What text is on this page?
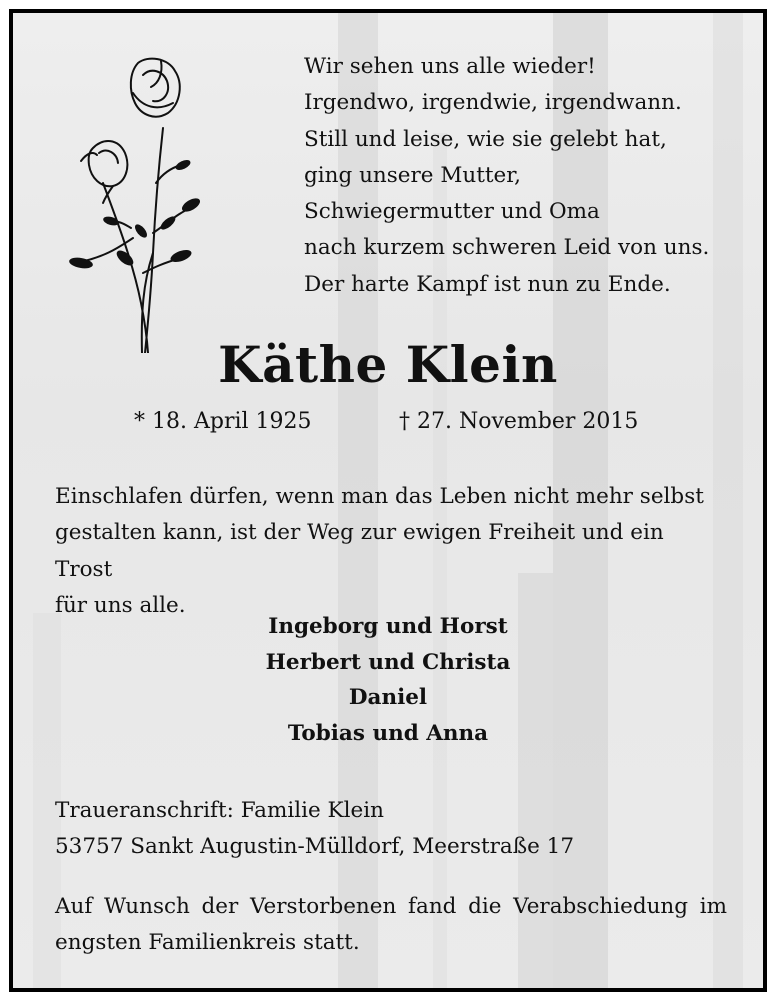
Wir sehen uns alle wieder!
Irgendwo, irgendwie, irgendwann.
Still und leise, wie sie gelebt hat,
ging unsere Mutter,
Schwiegermutter und Oma
nach kurzem schweren Leid von uns.
Der harte Kampf ist nun zu Ende.
Käthe Klein
* 18. April 1925	† 27. November 2015
Einschlafen dürfen, wenn man das Leben nicht mehr selbst
gestalten kann, ist der Weg zur ewigen Freiheit und ein Trost
für uns alle.
Ingeborg und Horst
Herbert und Christa
Daniel
Tobias und Anna
Traueranschrift: Familie Klein
53757 Sankt Augustin-Mülldorf, Meerstraße 17
Auf Wunsch der Verstorbenen fand die Verabschiedung im
engsten Familienkreis statt.
